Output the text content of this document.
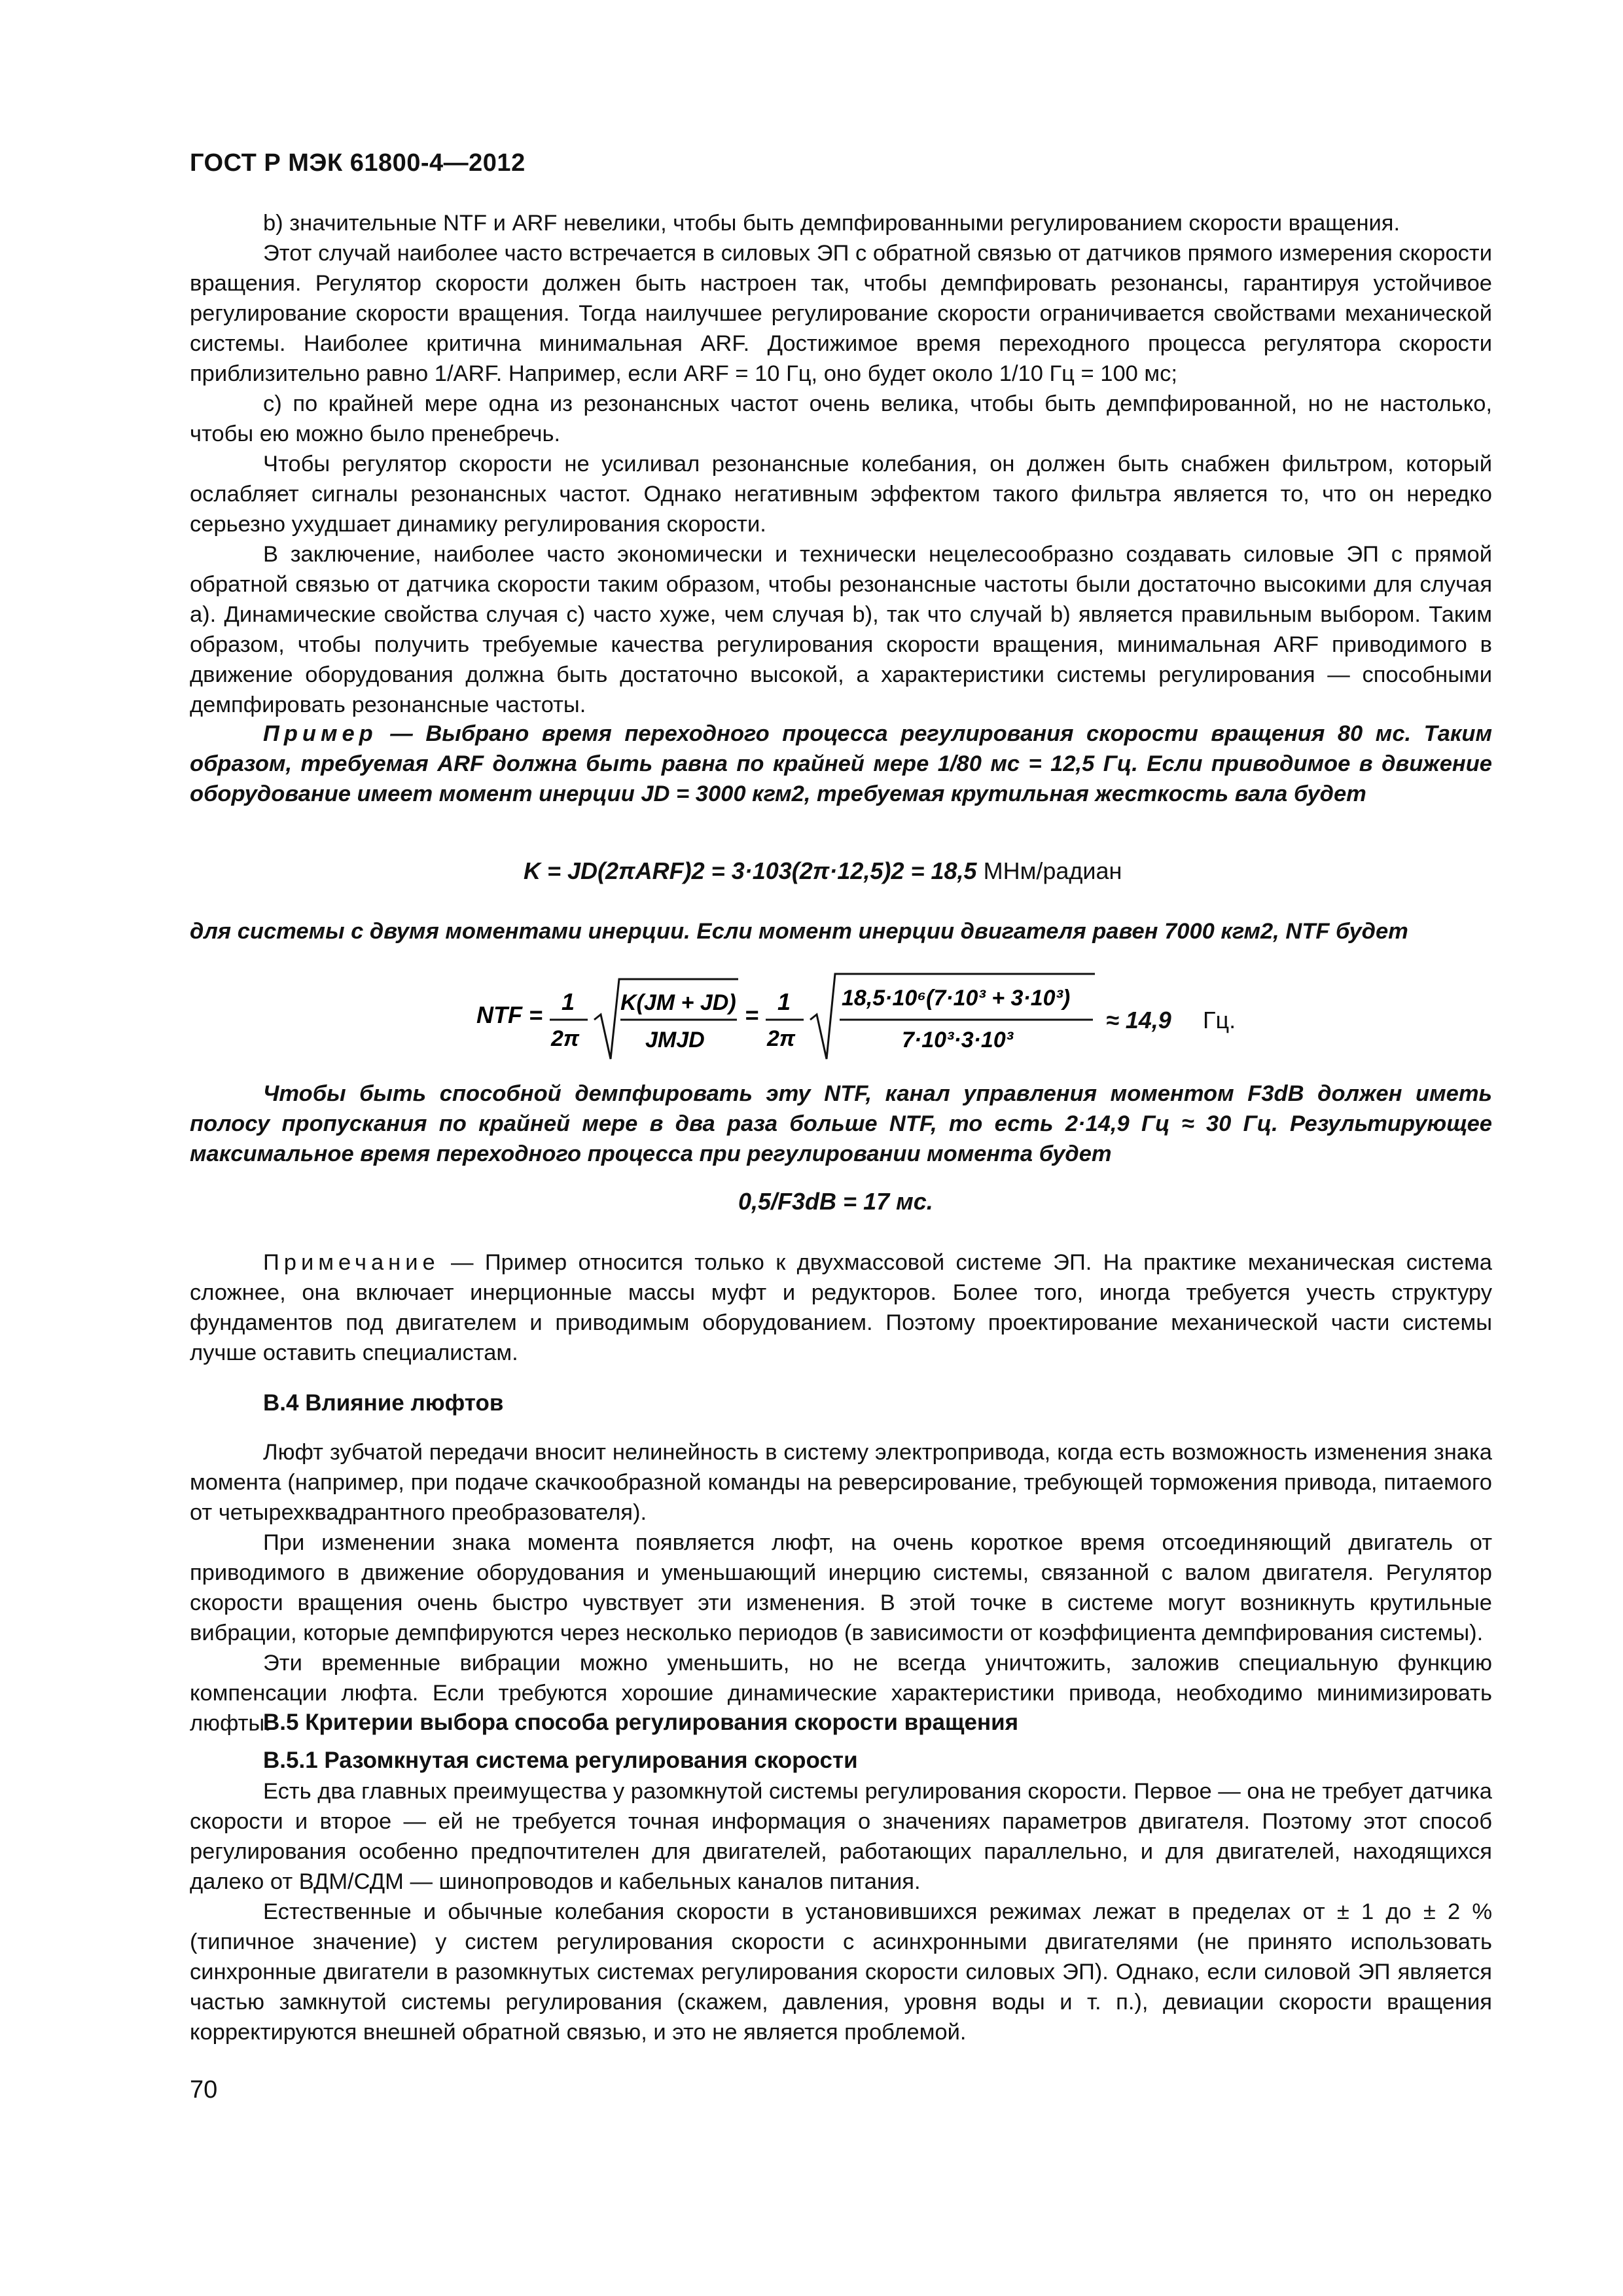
ГОСТ Р МЭК 61800-4—2012

b) значительные NTF и ARF невелики, чтобы быть демпфированными регулированием скорости вращения.

Этот случай наиболее часто встречается в силовых ЭП с обратной связью от датчиков прямого измерения скорости вращения. Регулятор скорости должен быть настроен так, чтобы демпфировать резонансы, гарантируя устойчивое регулирование скорости вращения. Тогда наилучшее регулирование скорости ограничивается свойствами механической системы. Наиболее критична минимальная ARF. Достижимое время переходного процесса регулятора скорости приблизительно равно 1/ARF. Например, если ARF = 10 Гц, оно будет около 1/10 Гц = 100 мс;

c) по крайней мере одна из резонансных частот очень велика, чтобы быть демпфированной, но не настолько, чтобы ею можно было пренебречь.

Чтобы регулятор скорости не усиливал резонансные колебания, он должен быть снабжен фильтром, который ослабляет сигналы резонансных частот. Однако негативным эффектом такого фильтра является то, что он нередко серьезно ухудшает динамику регулирования скорости.

В заключение, наиболее часто экономически и технически нецелесообразно создавать силовые ЭП с прямой обратной связью от датчика скорости таким образом, чтобы резонансные частоты были достаточно высокими для случая а). Динамические свойства случая с) часто хуже, чем случая b), так что случай b) является правильным выбором. Таким образом, чтобы получить требуемые качества регулирования скорости вращения, минимальная ARF приводимого в движение оборудования должна быть достаточно высокой, а характеристики системы регулирования — способными демпфировать резонансные частоты.

Пример — Выбрано время переходного процесса регулирования скорости вращения 80 мс. Таким образом, требуемая ARF должна быть равна по крайней мере 1/80 мс = 12,5 Гц. Если приводимое в движение оборудование имеет момент инерции JD = 3000 кгм2, требуемая крутильная жесткость вала будет

K = JD(2πARF)2 = 3·103(2π·12,5)2 = 18,5 МНм/радиан

для системы с двумя моментами инерции. Если момент инерции двигателя равен 7000 кгм2, NTF будет

NTF = 1
2π
K(JM + JD)
JMJD
= 1
2π
18,5·10⁶(7·10³ + 3·10³)
7·10³·3·10³
≈ 14,9 Гц.

Чтобы быть способной демпфировать эту NTF, канал управления моментом F3dB должен иметь полосу пропускания по крайней мере в два раза больше NTF, то есть 2·14,9 Гц ≈ 30 Гц. Результирующее максимальное время переходного процесса при регулировании момента будет

0,5/F3dB = 17 мс.

Примечание — Пример относится только к двухмассовой системе ЭП. На практике механическая система сложнее, она включает инерционные массы муфт и редукторов. Более того, иногда требуется учесть структуру фундаментов под двигателем и приводимым оборудованием. Поэтому проектирование механической части системы лучше оставить специалистам.

В.4 Влияние люфтов

Люфт зубчатой передачи вносит нелинейность в систему электропривода, когда есть возможность изменения знака момента (например, при подаче скачкообразной команды на реверсирование, требующей торможения привода, питаемого от четырехквадрантного преобразователя).

При изменении знака момента появляется люфт, на очень короткое время отсоединяющий двигатель от приводимого в движение оборудования и уменьшающий инерцию системы, связанной с валом двигателя. Регулятор скорости вращения очень быстро чувствует эти изменения. В этой точке в системе могут возникнуть крутильные вибрации, которые демпфируются через несколько периодов (в зависимости от коэффициента демпфирования системы).

Эти временные вибрации можно уменьшить, но не всегда уничтожить, заложив специальную функцию компенсации люфта. Если требуются хорошие динамические характеристики привода, необходимо минимизировать люфты.

В.5 Критерии выбора способа регулирования скорости вращения
В.5.1 Разомкнутая система регулирования скорости

Есть два главных преимущества у разомкнутой системы регулирования скорости. Первое — она не требует датчика скорости и второе — ей не требуется точная информация о значениях параметров двигателя. Поэтому этот способ регулирования особенно предпочтителен для двигателей, работающих параллельно, и для двигателей, находящихся далеко от ВДМ/СДМ — шинопроводов и кабельных каналов питания.

Естественные и обычные колебания скорости в установившихся режимах лежат в пределах от ± 1 до ± 2 % (типичное значение) у систем регулирования скорости с асинхронными двигателями (не принято использовать синхронные двигатели в разомкнутых системах регулирования скорости силовых ЭП). Однако, если силовой ЭП является частью замкнутой системы регулирования (скажем, давления, уровня воды и т. п.), девиации скорости вращения корректируются внешней обратной связью, и это не является проблемой.

70
